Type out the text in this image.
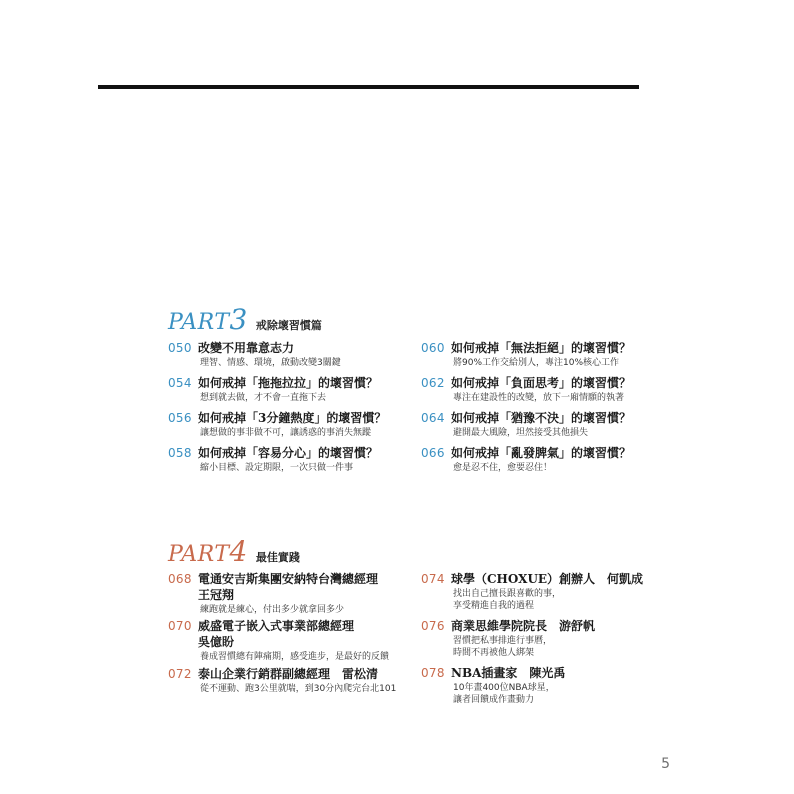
PART3 戒除壞習慣篇
050 改變不用靠意志力
理智、情感、環境，啟動改變3關鍵
054 如何戒掉「拖拖拉拉」的壞習慣？
想到就去做，才不會一直拖下去
056 如何戒掉「3分鐘熱度」的壞習慣？
讓想做的事非做不可，讓誘惑的事消失無蹤
058 如何戒掉「容易分心」的壞習慣？
縮小目標、設定期限，一次只做一件事
060 如何戒掉「無法拒絕」的壞習慣？
將90%工作交給別人，專注10%核心工作
062 如何戒掉「負面思考」的壞習慣？
專注在建設性的改變，放下一廂情願的執著
064 如何戒掉「猶豫不決」的壞習慣？
避開最大風險，坦然接受其他損失
066 如何戒掉「亂發脾氣」的壞習慣？
愈是忍不住，愈要忍住！
PART4 最佳實踐
068 電通安吉斯集團安納特台灣總經理
王冠翔
練跑就是練心，付出多少就拿回多少
070 威盛電子嵌入式事業部總經理
吳億盼
養成習慣總有陣痛期，感受進步，是最好的反饋
072 泰山企業行銷群副總經理　雷松清
從不運動、跑3公里就喘，到30分內爬完台北101
074 球學（CHOXUE）創辦人　何凱成
找出自己擅長跟喜歡的事，
享受精進自我的過程
076 商業思維學院院長　游舒帆
習慣把私事排進行事曆，
時間不再被他人綁架
078 NBA插畫家　陳光禹
10年畫400位NBA球星，
讓者回饋成作畫動力
5
